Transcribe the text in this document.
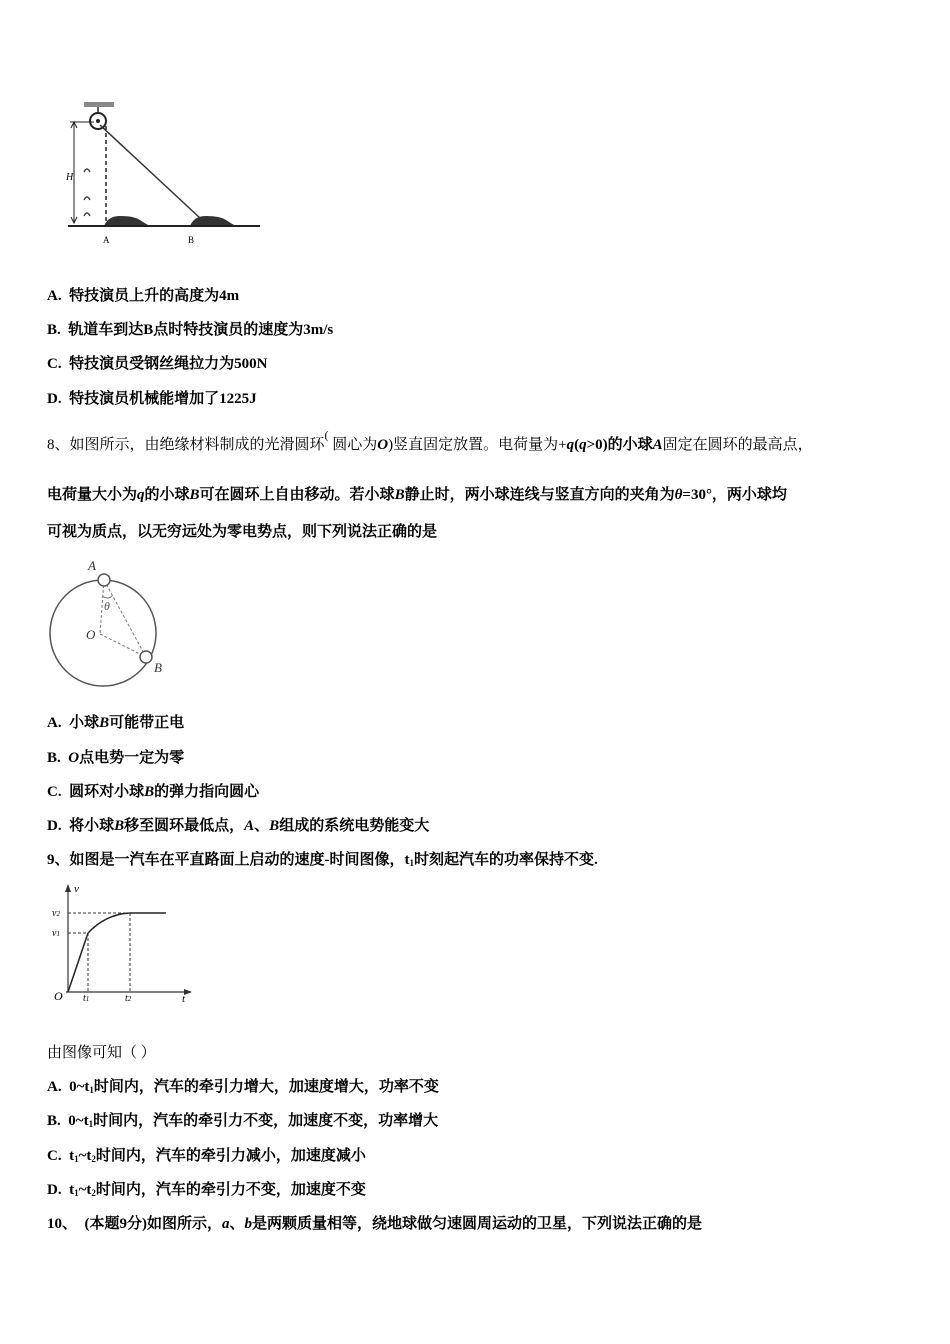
H
A	B
A. 特技演员上升的高度为4m
B. 轨道车到达B点时特技演员的速度为3m/s
C. 特技演员受钢丝绳拉力为500N
D. 特技演员机械能增加了1225J
8、如图所示，由绝缘材料制成的光滑圆环( 圆心为O)竖直固定放置。电荷量为+q(q>0)的小球A固定在圆环的最高点，
电荷量大小为q的小球B可在圆环上自由移动。若小球B静止时，两小球连线与竖直方向的夹角为θ=30°，两小球均
可视为质点，以无穷远处为零电势点，则下列说法正确的是
A
θ
O
B
A. 小球B可能带正电
B. O点电势一定为零
C. 圆环对小球B的弹力指向圆心
D. 将小球B移至圆环最低点，A、B组成的系统电势能变大
9、如图是一汽车在平直路面上启动的速度-时间图像，$t_1$时刻起汽车的功率保持不变.
v
v2
v1
O t1	t2	t
由图像可知（ ）
A. $0\sim t_1$时间内，汽车的牵引力增大，加速度增大，功率不变
B. $0\sim t_1$时间内，汽车的牵引力不变，加速度不变，功率增大
C. $t_1\sim t_2$时间内，汽车的牵引力减小，加速度减小
D. $t_1\sim t_2$时间内，汽车的牵引力不变，加速度不变
10、 (本题9分)如图所示，a、b是两颗质量相等，绕地球做匀速圆周运动的卫星，下列说法正确的是
